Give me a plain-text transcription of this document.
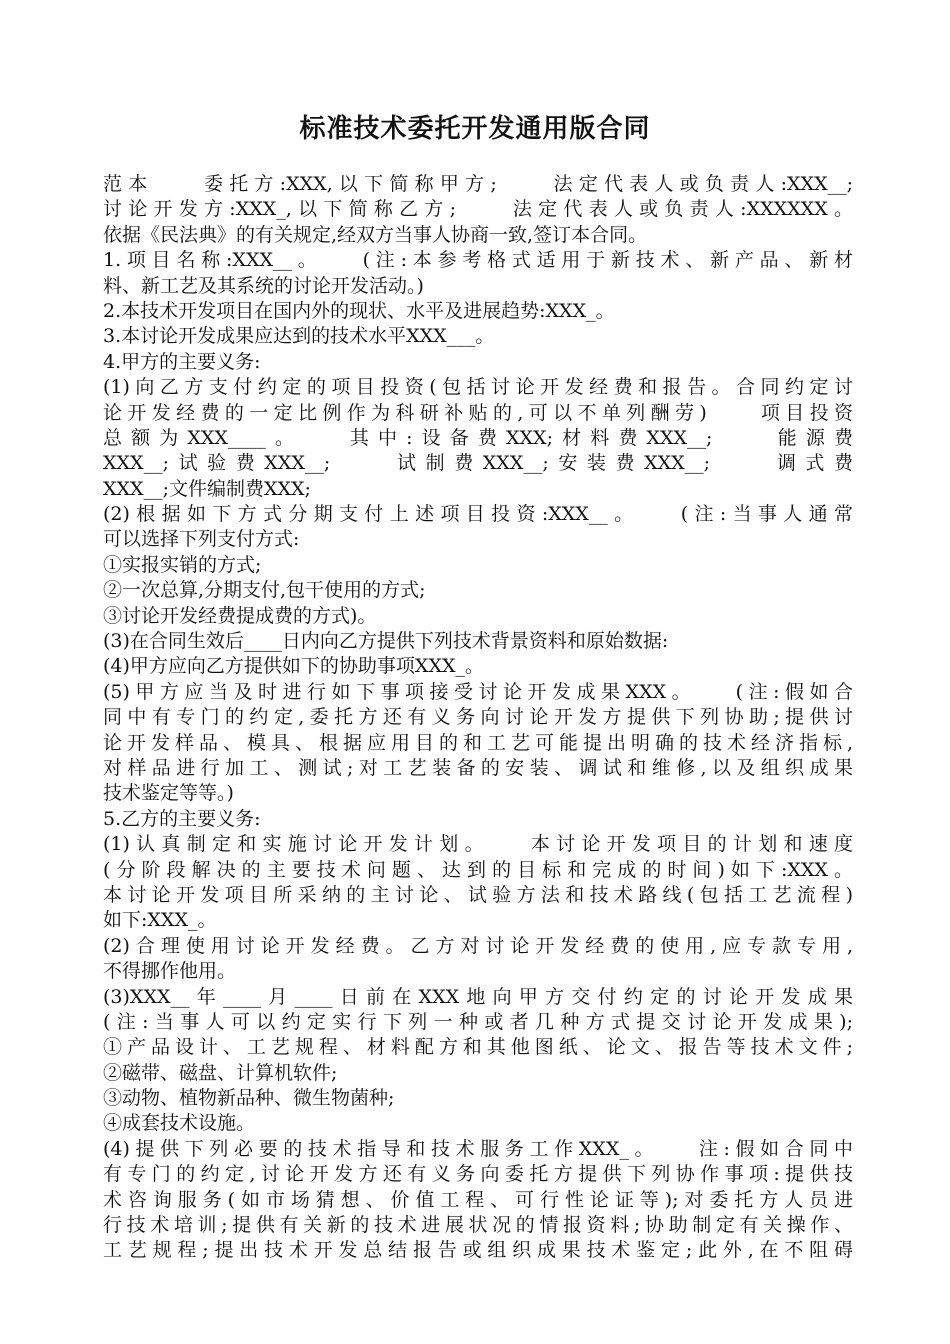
标准技术委托开发通用版合同
范本　　委托方:XXX,以下简称甲方;　　法定代表人或负责人:XXX__;
讨论开发方:XXX_,以下简称乙方;　　法定代表人或负责人:XXXXXX。
依据《民法典》的有关规定,经双方当事人协商一致,签订本合同。
1.项目名称:XXX__。　　(注:本参考格式适用于新技术、新产品、新材
料、新工艺及其系统的讨论开发活动。)
2.本技术开发项目在国内外的现状、水平及进展趋势:XXX_。
3.本讨论开发成果应达到的技术水平XXX___。
4.甲方的主要义务:
(1)向乙方支付约定的项目投资(包括讨论开发经费和报告。合同约定讨
论开发经费的一定比例作为科研补贴的,可以不单列酬劳)　　项目投资
总额为XXX____。　　其中:设备费XXX;材料费XXX__;　　能源费
XXX__;试验费XXX__;　　试制费XXX__;安装费XXX__;　　调式费
XXX__;文件编制费XXX;
(2)根据如下方式分期支付上述项目投资:XXX__。　　(注:当事人通常
可以选择下列支付方式:
①实报实销的方式;
②一次总算,分期支付,包干使用的方式;
③讨论开发经费提成费的方式)。
(3)在合同生效后____日内向乙方提供下列技术背景资料和原始数据:
(4)甲方应向乙方提供如下的协助事项XXX_。
(5)甲方应当及时进行如下事项接受讨论开发成果XXX。　　(注:假如合
同中有专门的约定,委托方还有义务向讨论开发方提供下列协助;提供讨
论开发样品、模具、根据应用目的和工艺可能提出明确的技术经济指标,
对样品进行加工、测试;对工艺装备的安装、调试和维修,以及组织成果
技术鉴定等等。)
5.乙方的主要义务:
(1)认真制定和实施讨论开发计划。　　本讨论开发项目的计划和速度
(分阶段解决的主要技术问题、达到的目标和完成的时间)如下:XXX。
本讨论开发项目所采纳的主讨论、试验方法和技术路线(包括工艺流程)
如下:XXX_。
(2)合理使用讨论开发经费。乙方对讨论开发经费的使用,应专款专用,
不得挪作他用。
(3)XXX__年____月____日前在XXX地向甲方交付约定的讨论开发成果
(注:当事人可以约定实行下列一种或者几种方式提交讨论开发成果);
①产品设计、工艺规程、材料配方和其他图纸、论文、报告等技术文件;
②磁带、磁盘、计算机软件;
③动物、植物新品种、微生物菌种;
④成套技术设施。
(4)提供下列必要的技术指导和技术服务工作XXX_。　　注:假如合同中
有专门的约定,讨论开发方还有义务向委托方提供下列协作事项:提供技
术咨询服务(如市场猜想、价值工程、可行性论证等);对委托方人员进
行技术培训;提供有关新的技术进展状况的情报资料;协助制定有关操作、
工艺规程;提出技术开发总结报告或组织成果技术鉴定;此外,在不阻碍
